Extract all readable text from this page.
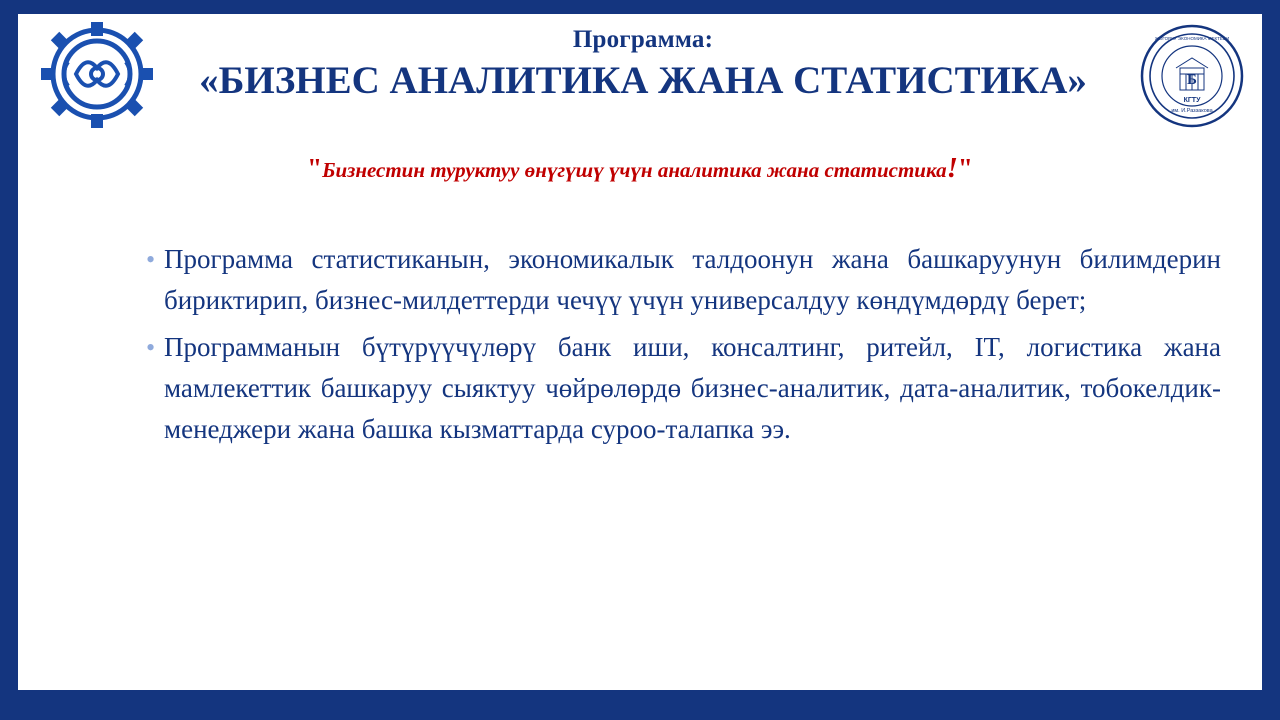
Программа:
«БИЗНЕС АНАЛИТИКА ЖАНА СТАТИСТИКА»	Б
КГТУ
им. И.Раззакова
ЖОГОРКУ ЭКОНОМИКА МЕКТЕБИ
"Бизнестин туруктуу өнүгүшү үчүн аналитика жана статистика!"
• Программа статистиканын, экономикалык талдоонун жана башкаруунун билимдерин бириктирип, бизнес-милдеттерди чечүү үчүн универсалдуу көндүмдөрдү берет;
• Программанын бүтүрүүчүлөрү банк иши, консалтинг, ритейл, IT, логистика жана мамлекеттик башкаруу сыяктуу чөйрөлөрдө бизнес-аналитик, дата-аналитик, тобокелдик-менеджери жана башка кызматтарда суроо-талапка ээ.
